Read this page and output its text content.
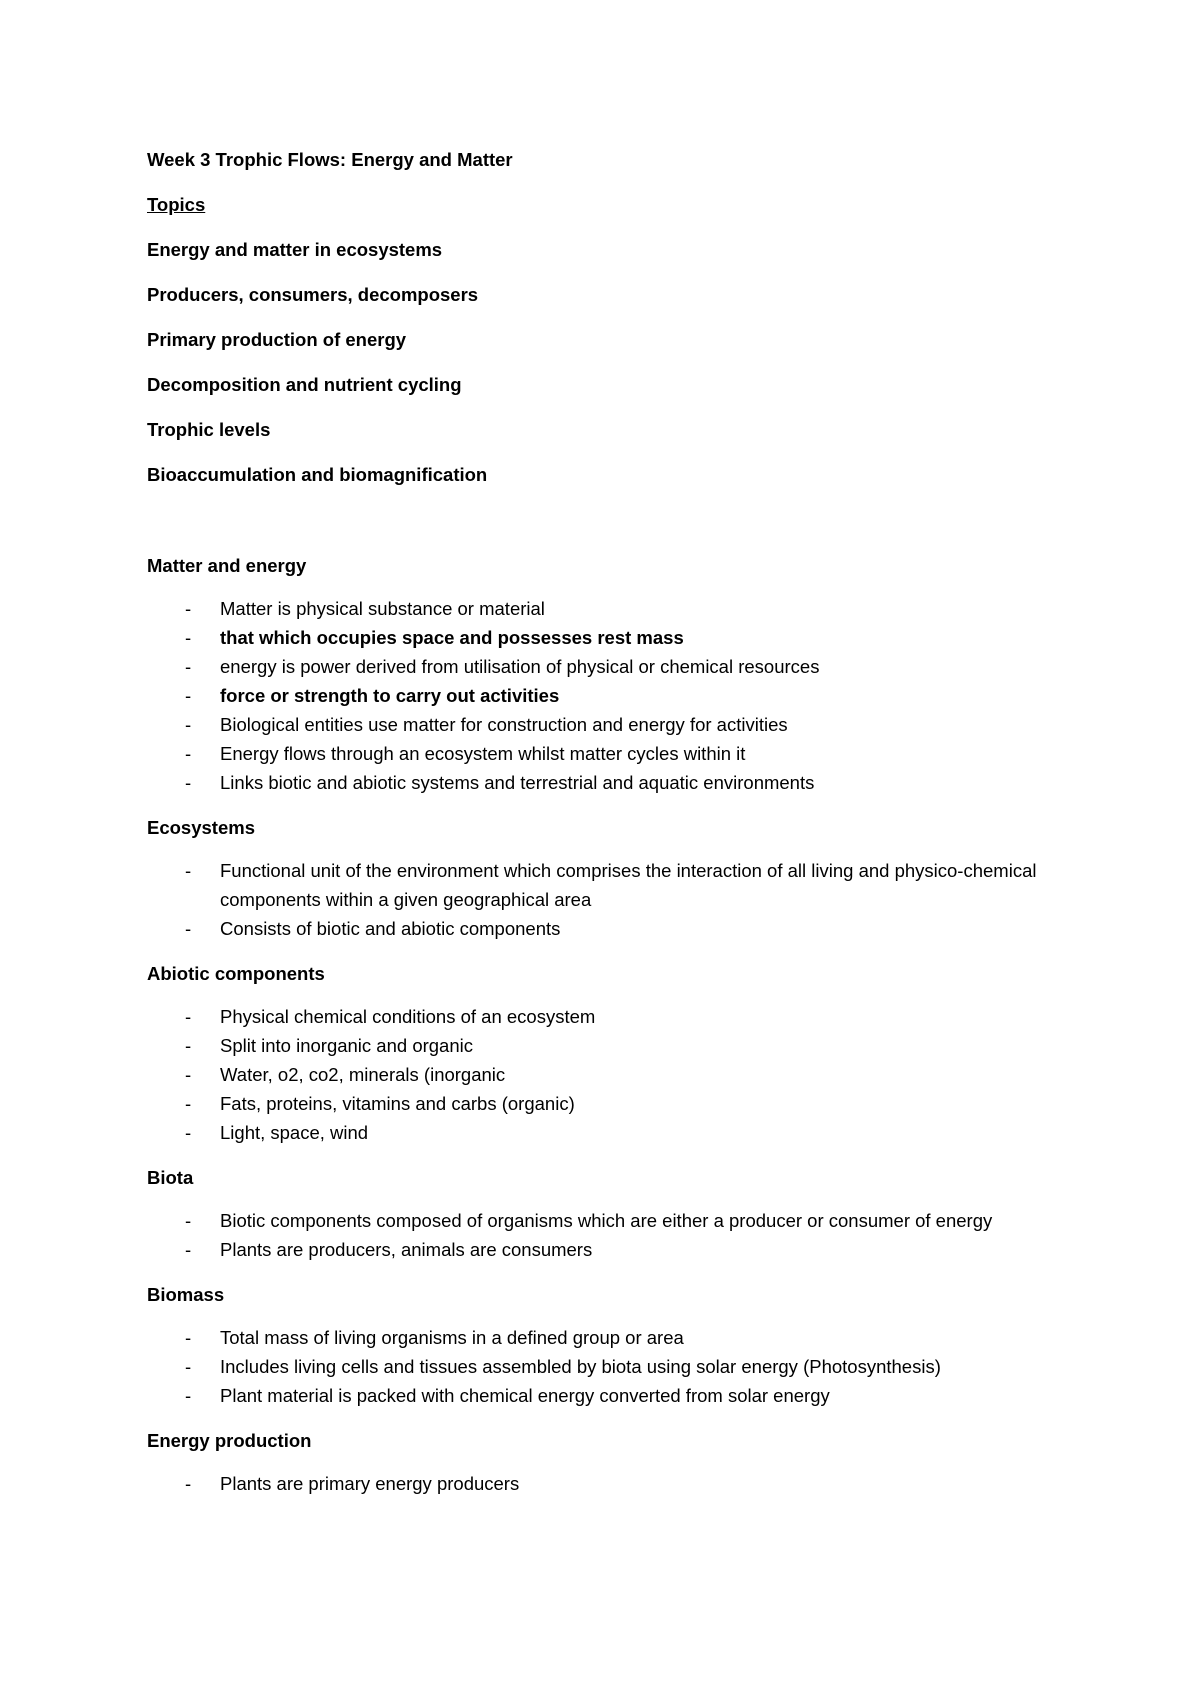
Week 3 Trophic Flows: Energy and Matter

Topics

Energy and matter in ecosystems

Producers, consumers, decomposers

Primary production of energy

Decomposition and nutrient cycling

Trophic levels

Bioaccumulation and biomagnification

Matter and energy

- Matter is physical substance or material
- that which occupies space and possesses rest mass
- energy is power derived from utilisation of physical or chemical resources
- force or strength to carry out activities
- Biological entities use matter for construction and energy for activities
- Energy flows through an ecosystem whilst matter cycles within it
- Links biotic and abiotic systems and terrestrial and aquatic environments

Ecosystems

- Functional unit of the environment which comprises the interaction of all living and physico-chemical components within a given geographical area
- Consists of biotic and abiotic components

Abiotic components

- Physical chemical conditions of an ecosystem
- Split into inorganic and organic
- Water, o2, co2, minerals (inorganic
- Fats, proteins, vitamins and carbs (organic)
- Light, space, wind

Biota

- Biotic components composed of organisms which are either a producer or consumer of energy
- Plants are producers, animals are consumers

Biomass

- Total mass of living organisms in a defined group or area
- Includes living cells and tissues assembled by biota using solar energy (Photosynthesis)
- Plant material is packed with chemical energy converted from solar energy

Energy production

- Plants are primary energy producers
